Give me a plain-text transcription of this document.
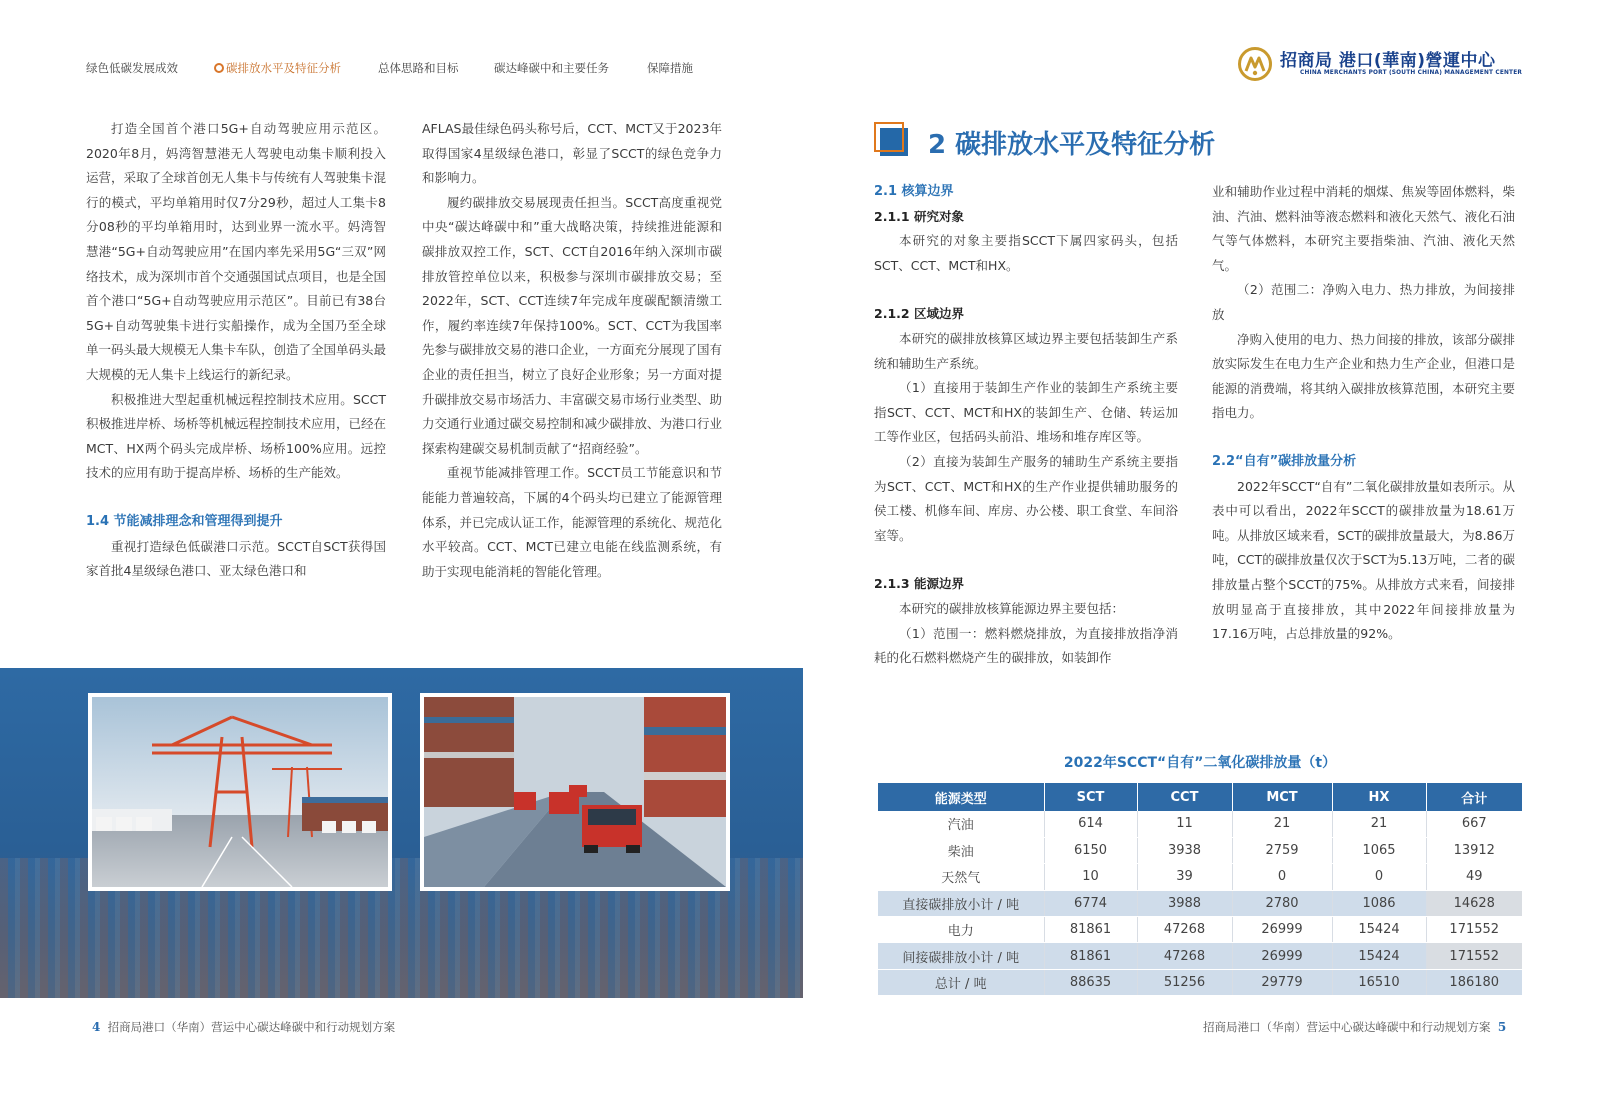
绿色低碳发展成效	碳排放水平及特征分析	总体思路和目标	碳达峰碳中和主要任务	保障措施	招商局 港口(華南)營運中心
CHINA MERCHANTS PORT (SOUTH CHINA) MANAGEMENT CENTER

打造全国首个港口5G+自动驾驶应用示范区。2020年8月，妈湾智慧港无人驾驶电动集卡顺利投入运营，采取了全球首创无人集卡与传统有人驾驶集卡混行的模式，平均单箱用时仅7分29秒，超过人工集卡8分08秒的平均单箱用时，达到业界一流水平。妈湾智慧港“5G+自动驾驶应用”在国内率先采用5G“三双”网络技术，成为深圳市首个交通强国试点项目，也是全国首个港口“5G+自动驾驶应用示范区”。目前已有38台5G+自动驾驶集卡进行实船操作，成为全国乃至全球单一码头最大规模无人集卡车队，创造了全国单码头最大规模的无人集卡上线运行的新纪录。

积极推进大型起重机械远程控制技术应用。SCCT积极推进岸桥、场桥等机械远程控制技术应用，已经在MCT、HX两个码头完成岸桥、场桥100%应用。远控技术的应用有助于提高岸桥、场桥的生产能效。

1.4 节能减排理念和管理得到提升

重视打造绿色低碳港口示范。SCCT自SCT获得国家首批4星级绿色港口、亚太绿色港口和

AFLAS最佳绿色码头称号后，CCT、MCT又于2023年取得国家4星级绿色港口，彰显了SCCT的绿色竞争力和影响力。

履约碳排放交易展现责任担当。SCCT高度重视党中央“碳达峰碳中和”重大战略决策，持续推进能源和碳排放双控工作，SCT、CCT自2016年纳入深圳市碳排放管控单位以来，积极参与深圳市碳排放交易；至2022年，SCT、CCT连续7年完成年度碳配额清缴工作，履约率连续7年保持100%。SCT、CCT为我国率先参与碳排放交易的港口企业，一方面充分展现了国有企业的责任担当，树立了良好企业形象；另一方面对提升碳排放交易市场活力、丰富碳交易市场行业类型、助力交通行业通过碳交易控制和减少碳排放、为港口行业探索构建碳交易机制贡献了“招商经验”。

重视节能减排管理工作。SCCT员工节能意识和节能能力普遍较高，下属的4个码头均已建立了能源管理体系，并已完成认证工作，能源管理的系统化、规范化水平较高。CCT、MCT已建立电能在线监测系统，有助于实现电能消耗的智能化管理。

4 招商局港口（华南）营运中心碳达峰碳中和行动规划方案
2 碳排放水平及特征分析
2.1 核算边界
2.1.1 研究对象

本研究的对象主要指SCCT下属四家码头，包括SCT、CCT、MCT和HX。

2.1.2 区域边界

本研究的碳排放核算区域边界主要包括装卸生产系统和辅助生产系统。

（1）直接用于装卸生产作业的装卸生产系统主要指SCT、CCT、MCT和HX的装卸生产、仓储、转运加工等作业区，包括码头前沿、堆场和堆存库区等。

（2）直接为装卸生产服务的辅助生产系统主要指为SCT、CCT、MCT和HX的生产作业提供辅助服务的侯工楼、机修车间、库房、办公楼、职工食堂、车间浴室等。

2.1.3 能源边界

本研究的碳排放核算能源边界主要包括：

（1）范围一：燃料燃烧排放，为直接排放指净消耗的化石燃料燃烧产生的碳排放，如装卸作

业和辅助作业过程中消耗的烟煤、焦炭等固体燃料，柴油、汽油、燃料油等液态燃料和液化天然气、液化石油气等气体燃料，本研究主要指柴油、汽油、液化天然气。

（2）范围二：净购入电力、热力排放，为间接排放

净购入使用的电力、热力间接的排放，该部分碳排放实际发生在电力生产企业和热力生产企业，但港口是能源的消费端，将其纳入碳排放核算范围，本研究主要指电力。

2.2“自有”碳排放量分析

2022年SCCT“自有”二氧化碳排放量如表所示。从表中可以看出，2022年SCCT的碳排放量为18.61万吨。从排放区域来看，SCT的碳排放量最大，为8.86万吨，CCT的碳排放量仅次于SCT为5.13万吨，二者的碳排放量占整个SCCT的75%。从排放方式来看，间接排放明显高于直接排放，其中2022年间接排放量为17.16万吨，占总排放量的92%。

2022年SCCT“自有”二氧化碳排放量（t）
能源类型	SCT	CCT	MCT	HX	合计
汽油	614	11	21	21	667
柴油	6150	3938	2759	1065	13912
天然气	10	39	0	0	49
直接碳排放小计 / 吨	6774	3988	2780	1086	14628
电力	81861	47268	26999	15424	171552
间接碳排放小计 / 吨	81861	47268	26999	15424	171552
总计 / 吨	88635	51256	29779	16510	186180
招商局港口（华南）营运中心碳达峰碳中和行动规划方案 5
